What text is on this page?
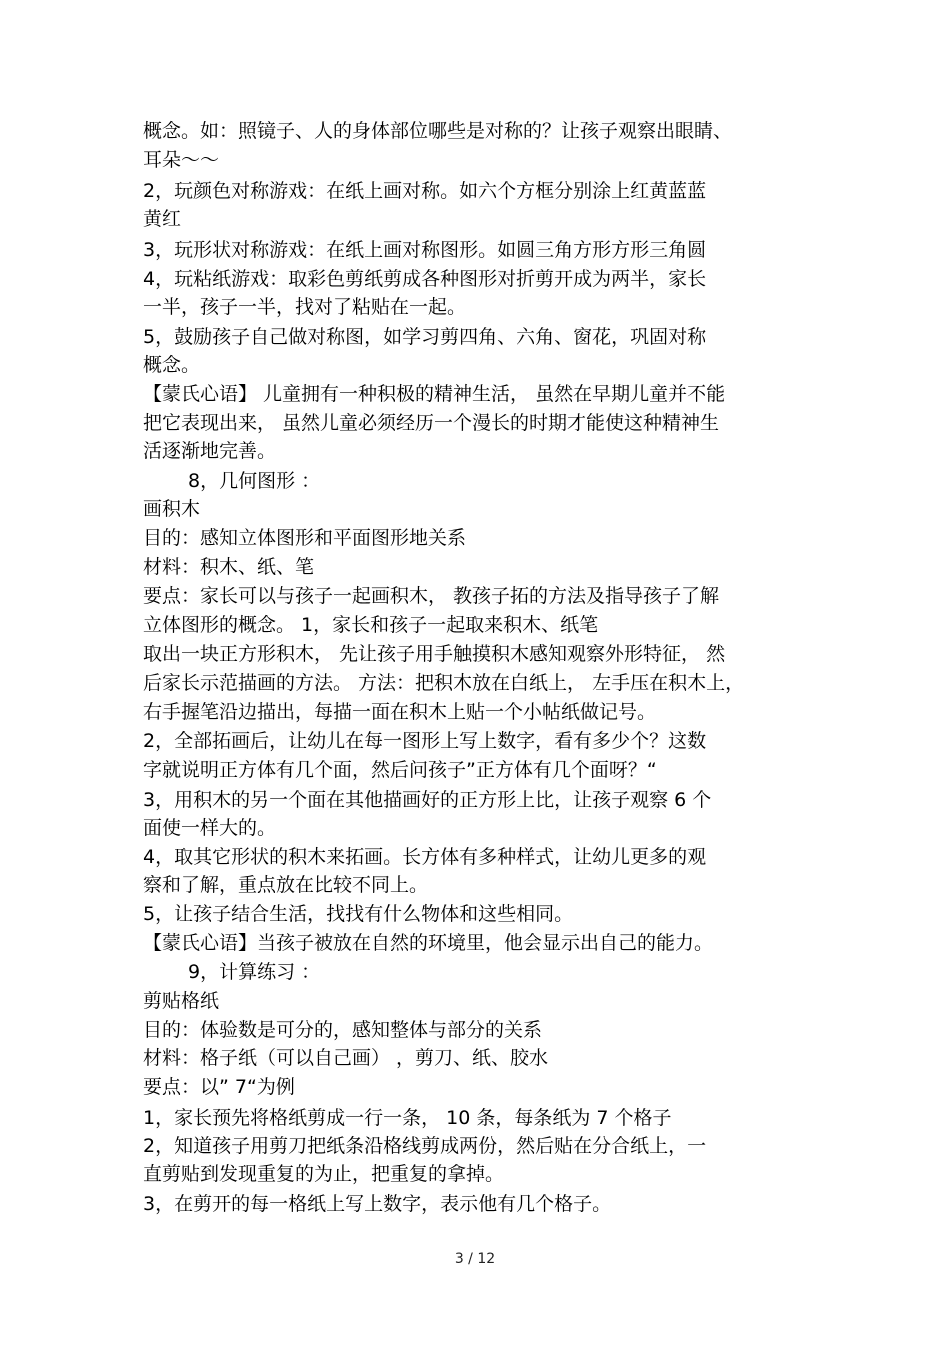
概念。如：照镜子、人的身体部位哪些是对称的？让孩子观察出眼睛、
耳朵～～
2，玩颜色对称游戏：在纸上画对称。如六个方框分别涂上红黄蓝蓝
黄红
3，玩形状对称游戏：在纸上画对称图形。如圆三角方形方形三角圆
4，玩粘纸游戏：取彩色剪纸剪成各种图形对折剪开成为两半，家长
一半，孩子一半，找对了粘贴在一起。
5，鼓励孩子自己做对称图，如学习剪四角、六角、窗花，巩固对称
概念。
【蒙氏心语】 儿童拥有一种积极的精神生活， 虽然在早期儿童并不能
把它表现出来， 虽然儿童必须经历一个漫长的时期才能使这种精神生
活逐渐地完善。
8，几何图形 ：
画积木
目的：感知立体图形和平面图形地关系
材料：积木、纸、笔
要点：家长可以与孩子一起画积木， 教孩子拓的方法及指导孩子了解
立体图形的概念。 1，家长和孩子一起取来积木、纸笔
取出一块正方形积木， 先让孩子用手触摸积木感知观察外形特征， 然
后家长示范描画的方法。 方法：把积木放在白纸上， 左手压在积木上，
右手握笔沿边描出，每描一面在积木上贴一个小帖纸做记号。
2，全部拓画后，让幼儿在每一图形上写上数字，看有多少个？这数
字就说明正方体有几个面，然后问孩子”正方体有几个面呀？“
3，用积木的另一个面在其他描画好的正方形上比，让孩子观察 6 个
面使一样大的。
4，取其它形状的积木来拓画。长方体有多种样式，让幼儿更多的观
察和了解，重点放在比较不同上。
5，让孩子结合生活，找找有什么物体和这些相同。
【蒙氏心语】当孩子被放在自然的环境里，他会显示出自己的能力。
9，计算练习 ：
剪贴格纸
目的：体验数是可分的，感知整体与部分的关系
材料：格子纸（可以自己画） ，剪刀、纸、胶水
要点：以” 7“为例
1，家长预先将格纸剪成一行一条， 10 条，每条纸为 7 个格子
2，知道孩子用剪刀把纸条沿格线剪成两份，然后贴在分合纸上，一
直剪贴到发现重复的为止，把重复的拿掉。
3，在剪开的每一格纸上写上数字，表示他有几个格子。
3 / 12
